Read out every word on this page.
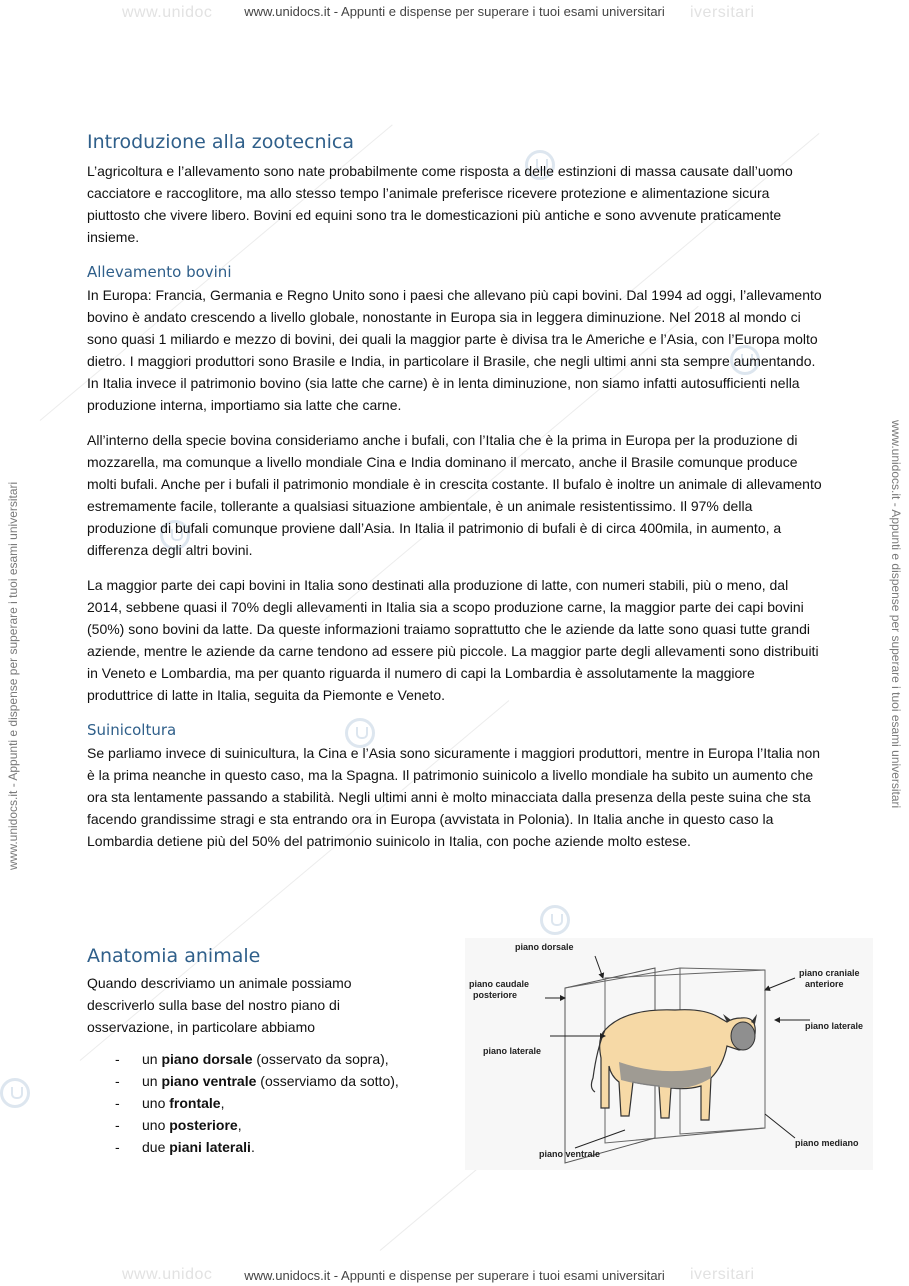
www.unidoc	iversitari
www.unidocs.it - Appunti e dispense per superare i tuoi esami universitari
www.unidocs.it - Appunti e dispense per superare i tuoi esami universitari	www.unidocs.it - Appunti e dispense per superare i tuoi esami universitari
Introduzione alla zootecnica

L’agricoltura e l’allevamento sono nate probabilmente come risposta a delle estinzioni di massa causate dall’uomo cacciatore e raccoglitore, ma allo stesso tempo l’animale preferisce ricevere protezione e alimentazione sicura piuttosto che vivere libero. Bovini ed equini sono tra le domesticazioni più antiche e sono avvenute praticamente insieme.

Allevamento bovini

In Europa: Francia, Germania e Regno Unito sono i paesi che allevano più capi bovini. Dal 1994 ad oggi, l’allevamento bovino è andato crescendo a livello globale, nonostante in Europa sia in leggera diminuzione. Nel 2018 al mondo ci sono quasi 1 miliardo e mezzo di bovini, dei quali la maggior parte è divisa tra le Americhe e l’Asia, con l’Europa molto dietro. I maggiori produttori sono Brasile e India, in particolare il Brasile, che negli ultimi anni sta sempre aumentando. In Italia invece il patrimonio bovino (sia latte che carne) è in lenta diminuzione, non siamo infatti autosufficienti nella produzione interna, importiamo sia latte che carne.

All’interno della specie bovina consideriamo anche i bufali, con l’Italia che è la prima in Europa per la produzione di mozzarella, ma comunque a livello mondiale Cina e India dominano il mercato, anche il Brasile comunque produce molti bufali. Anche per i bufali il patrimonio mondiale è in crescita costante. Il bufalo è inoltre un animale di allevamento estremamente facile, tollerante a qualsiasi situazione ambientale, è un animale resistentissimo. Il 97% della produzione di bufali comunque proviene dall’Asia. In Italia il patrimonio di bufali è di circa 400mila, in aumento, a differenza degli altri bovini.

La maggior parte dei capi bovini in Italia sono destinati alla produzione di latte, con numeri stabili, più o meno, dal 2014, sebbene quasi il 70% degli allevamenti in Italia sia a scopo produzione carne, la maggior parte dei capi bovini (50%) sono bovini da latte. Da queste informazioni traiamo soprattutto che le aziende da latte sono quasi tutte grandi aziende, mentre le aziende da carne tendono ad essere più piccole. La maggior parte degli allevamenti sono distribuiti in Veneto e Lombardia, ma per quanto riguarda il numero di capi la Lombardia è assolutamente la maggiore produttrice di latte in Italia, seguita da Piemonte e Veneto.

Suinicoltura

Se parliamo invece di suinicultura, la Cina e l’Asia sono sicuramente i maggiori produttori, mentre in Europa l’Italia non è la prima neanche in questo caso, ma la Spagna. Il patrimonio suinicolo a livello mondiale ha subito un aumento che ora sta lentamente passando a stabilità. Negli ultimi anni è molto minacciata dalla presenza della peste suina che sta facendo grandissime stragi e sta entrando ora in Europa (avvistata in Polonia). In Italia anche in questo caso la Lombardia detiene più del 50% del patrimonio suinicolo in Italia, con poche aziende molto estese.

Anatomia animale

Quando descriviamo un animale possiamo descriverlo sulla base del nostro piano di osservazione, in particolare abbiamo

- un piano dorsale (osservato da sopra),
- un piano ventrale (osserviamo da sotto),
- uno frontale,
- uno posteriore,
- due piani laterali.
piano dorsale
piano caudale
posteriore
piano craniale
anteriore
piano laterale
piano laterale
piano mediano
piano ventrale
www.unidoc	iversitari
www.unidocs.it - Appunti e dispense per superare i tuoi esami universitari
